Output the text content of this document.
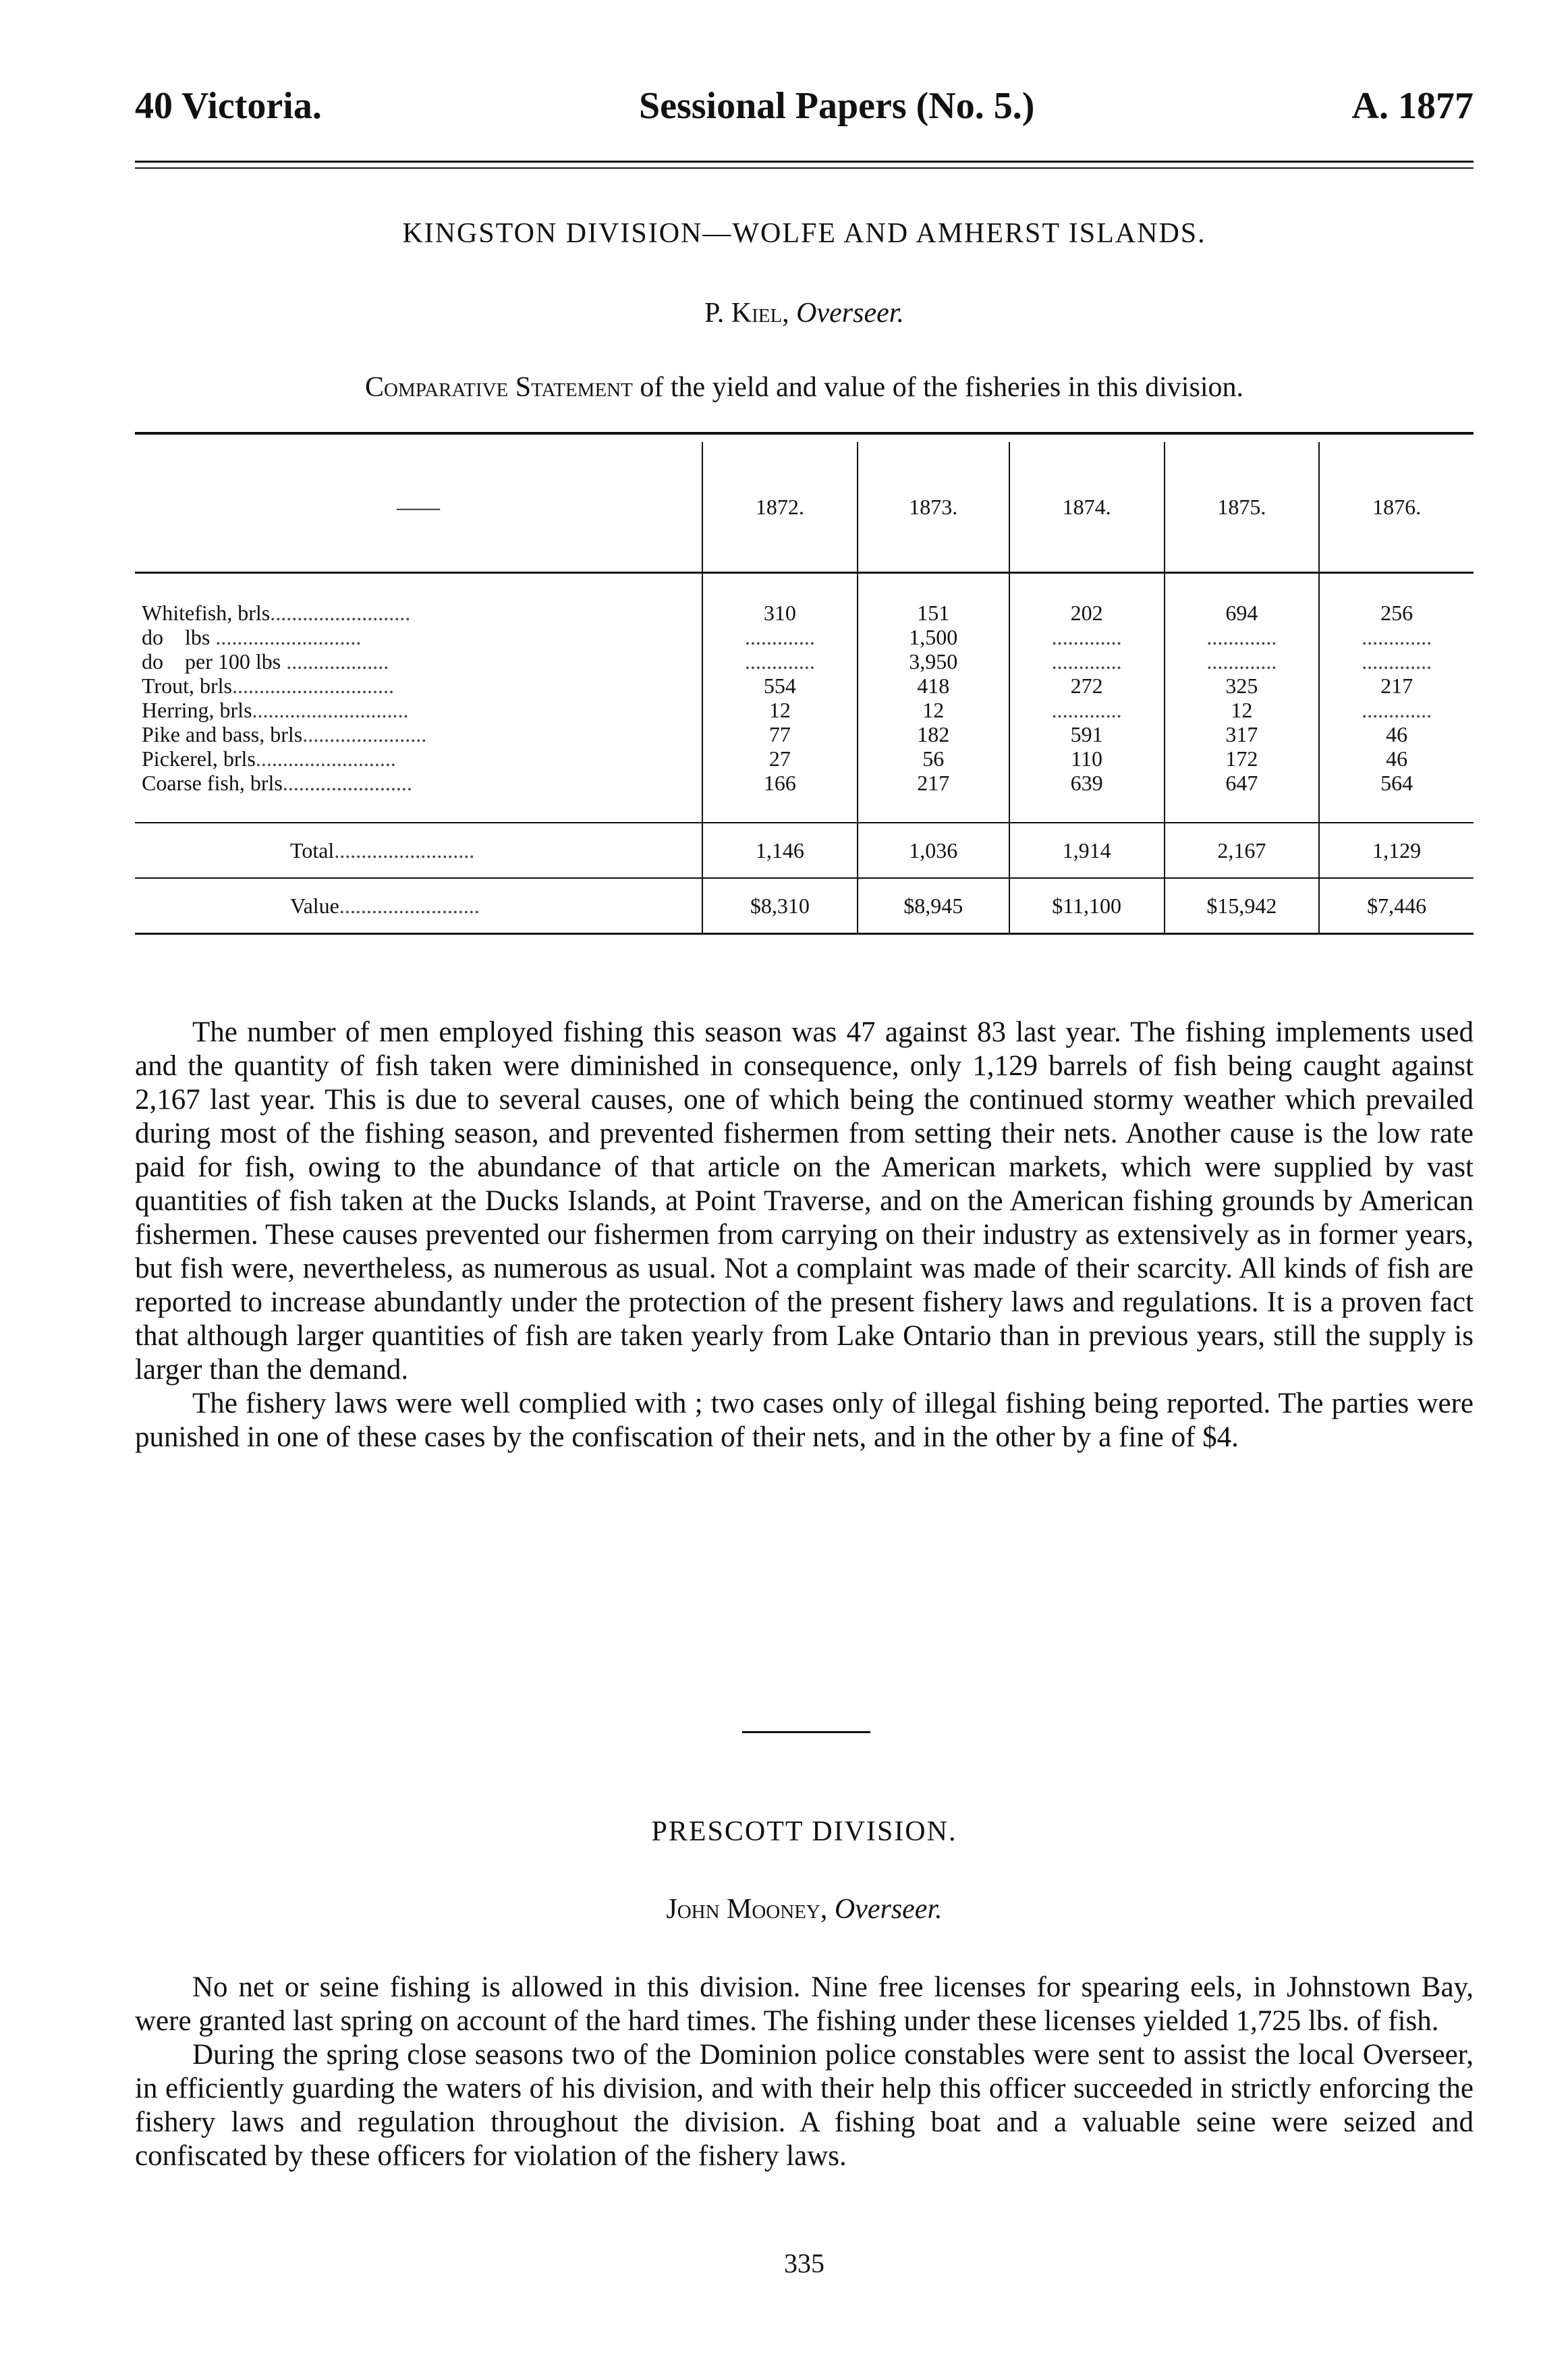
40 Victoria.	Sessional Papers (No. 5.)	A. 1877
KINGSTON DIVISION—WOLFE AND AMHERST ISLANDS.
P. Kiel, Overseer.
Comparative Statement of the yield and value of the fisheries in this division.
——	1872.	1873.	1874.	1875.	1876.

Whitefish, brls..........................	310	151	202	694	256
do    lbs ...........................	.............	1,500	.............	.............	.............
do    per 100 lbs ...................	.............	3,950	.............	.............	.............
Trout, brls..............................	554	418	272	325	217
Herring, brls.............................	12	12	.............	12	.............
Pike and bass, brls.......................	77	182	591	317	46
Pickerel, brls..........................	27	56	110	172	46
Coarse fish, brls........................	166	217	639	647	564

Total..........................	1,146	1,036	1,914	2,167	1,129
Value..........................	$8,310	$8,945	$11,100	$15,942	$7,446

The number of men employed fishing this season was 47 against 83 last year. The fishing implements used and the quantity of fish taken were diminished in consequence, only 1,129 barrels of fish being caught against 2,167 last year. This is due to several causes, one of which being the continued stormy weather which prevailed during most of the fishing season, and prevented fishermen from setting their nets. Another cause is the low rate paid for fish, owing to the abundance of that article on the American markets, which were supplied by vast quantities of fish taken at the Ducks Islands, at Point Traverse, and on the American fishing grounds by American fishermen. These causes prevented our fishermen from carrying on their industry as extensively as in former years, but fish were, nevertheless, as numerous as usual. Not a complaint was made of their scarcity. All kinds of fish are reported to increase abundantly under the protection of the present fishery laws and regulations. It is a proven fact that although larger quantities of fish are taken yearly from Lake Ontario than in previous years, still the supply is larger than the demand.

The fishery laws were well complied with ; two cases only of illegal fishing being reported. The parties were punished in one of these cases by the confiscation of their nets, and in the other by a fine of $4.

PRESCOTT DIVISION.
John Mooney, Overseer.

No net or seine fishing is allowed in this division. Nine free licenses for spearing eels, in Johnstown Bay, were granted last spring on account of the hard times. The fishing under these licenses yielded 1,725 lbs. of fish.

During the spring close seasons two of the Dominion police constables were sent to assist the local Overseer, in efficiently guarding the waters of his division, and with their help this officer succeeded in strictly enforcing the fishery laws and regulation throughout the division. A fishing boat and a valuable seine were seized and confiscated by these officers for violation of the fishery laws.

335
